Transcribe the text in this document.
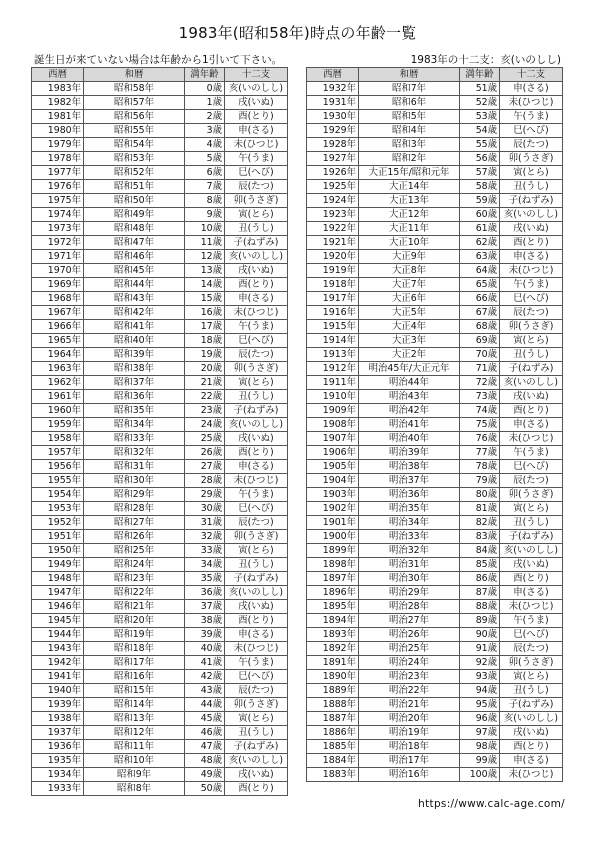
1983年(昭和58年)時点の年齢一覧
誕生日が来ていない場合は年齢から1引いて下さい。	1983年の十二支：亥(いのしし)
西暦	和暦	満年齢	十二支
1983年	昭和58年	0歳	亥(いのしし)
1982年	昭和57年	1歳	戌(いぬ)
1981年	昭和56年	2歳	酉(とり)
1980年	昭和55年	3歳	申(さる)
1979年	昭和54年	4歳	未(ひつじ)
1978年	昭和53年	5歳	午(うま)
1977年	昭和52年	6歳	巳(へび)
1976年	昭和51年	7歳	辰(たつ)
1975年	昭和50年	8歳	卯(うさぎ)
1974年	昭和49年	9歳	寅(とら)
1973年	昭和48年	10歳	丑(うし)
1972年	昭和47年	11歳	子(ねずみ)
1971年	昭和46年	12歳	亥(いのしし)
1970年	昭和45年	13歳	戌(いぬ)
1969年	昭和44年	14歳	酉(とり)
1968年	昭和43年	15歳	申(さる)
1967年	昭和42年	16歳	未(ひつじ)
1966年	昭和41年	17歳	午(うま)
1965年	昭和40年	18歳	巳(へび)
1964年	昭和39年	19歳	辰(たつ)
1963年	昭和38年	20歳	卯(うさぎ)
1962年	昭和37年	21歳	寅(とら)
1961年	昭和36年	22歳	丑(うし)
1960年	昭和35年	23歳	子(ねずみ)
1959年	昭和34年	24歳	亥(いのしし)
1958年	昭和33年	25歳	戌(いぬ)
1957年	昭和32年	26歳	酉(とり)
1956年	昭和31年	27歳	申(さる)
1955年	昭和30年	28歳	未(ひつじ)
1954年	昭和29年	29歳	午(うま)
1953年	昭和28年	30歳	巳(へび)
1952年	昭和27年	31歳	辰(たつ)
1951年	昭和26年	32歳	卯(うさぎ)
1950年	昭和25年	33歳	寅(とら)
1949年	昭和24年	34歳	丑(うし)
1948年	昭和23年	35歳	子(ねずみ)
1947年	昭和22年	36歳	亥(いのしし)
1946年	昭和21年	37歳	戌(いぬ)
1945年	昭和20年	38歳	酉(とり)
1944年	昭和19年	39歳	申(さる)
1943年	昭和18年	40歳	未(ひつじ)
1942年	昭和17年	41歳	午(うま)
1941年	昭和16年	42歳	巳(へび)
1940年	昭和15年	43歳	辰(たつ)
1939年	昭和14年	44歳	卯(うさぎ)
1938年	昭和13年	45歳	寅(とら)
1937年	昭和12年	46歳	丑(うし)
1936年	昭和11年	47歳	子(ねずみ)
1935年	昭和10年	48歳	亥(いのしし)
1934年	昭和9年	49歳	戌(いぬ)
1933年	昭和8年	50歳	酉(とり)
西暦	和暦	満年齢	十二支
1932年	昭和7年	51歳	申(さる)
1931年	昭和6年	52歳	未(ひつじ)
1930年	昭和5年	53歳	午(うま)
1929年	昭和4年	54歳	巳(へび)
1928年	昭和3年	55歳	辰(たつ)
1927年	昭和2年	56歳	卯(うさぎ)
1926年	大正15年/昭和元年	57歳	寅(とら)
1925年	大正14年	58歳	丑(うし)
1924年	大正13年	59歳	子(ねずみ)
1923年	大正12年	60歳	亥(いのしし)
1922年	大正11年	61歳	戌(いぬ)
1921年	大正10年	62歳	酉(とり)
1920年	大正9年	63歳	申(さる)
1919年	大正8年	64歳	未(ひつじ)
1918年	大正7年	65歳	午(うま)
1917年	大正6年	66歳	巳(へび)
1916年	大正5年	67歳	辰(たつ)
1915年	大正4年	68歳	卯(うさぎ)
1914年	大正3年	69歳	寅(とら)
1913年	大正2年	70歳	丑(うし)
1912年	明治45年/大正元年	71歳	子(ねずみ)
1911年	明治44年	72歳	亥(いのしし)
1910年	明治43年	73歳	戌(いぬ)
1909年	明治42年	74歳	酉(とり)
1908年	明治41年	75歳	申(さる)
1907年	明治40年	76歳	未(ひつじ)
1906年	明治39年	77歳	午(うま)
1905年	明治38年	78歳	巳(へび)
1904年	明治37年	79歳	辰(たつ)
1903年	明治36年	80歳	卯(うさぎ)
1902年	明治35年	81歳	寅(とら)
1901年	明治34年	82歳	丑(うし)
1900年	明治33年	83歳	子(ねずみ)
1899年	明治32年	84歳	亥(いのしし)
1898年	明治31年	85歳	戌(いぬ)
1897年	明治30年	86歳	酉(とり)
1896年	明治29年	87歳	申(さる)
1895年	明治28年	88歳	未(ひつじ)
1894年	明治27年	89歳	午(うま)
1893年	明治26年	90歳	巳(へび)
1892年	明治25年	91歳	辰(たつ)
1891年	明治24年	92歳	卯(うさぎ)
1890年	明治23年	93歳	寅(とら)
1889年	明治22年	94歳	丑(うし)
1888年	明治21年	95歳	子(ねずみ)
1887年	明治20年	96歳	亥(いのしし)
1886年	明治19年	97歳	戌(いぬ)
1885年	明治18年	98歳	酉(とり)
1884年	明治17年	99歳	申(さる)
1883年	明治16年	100歳	未(ひつじ)
https://www.calc-age.com/
